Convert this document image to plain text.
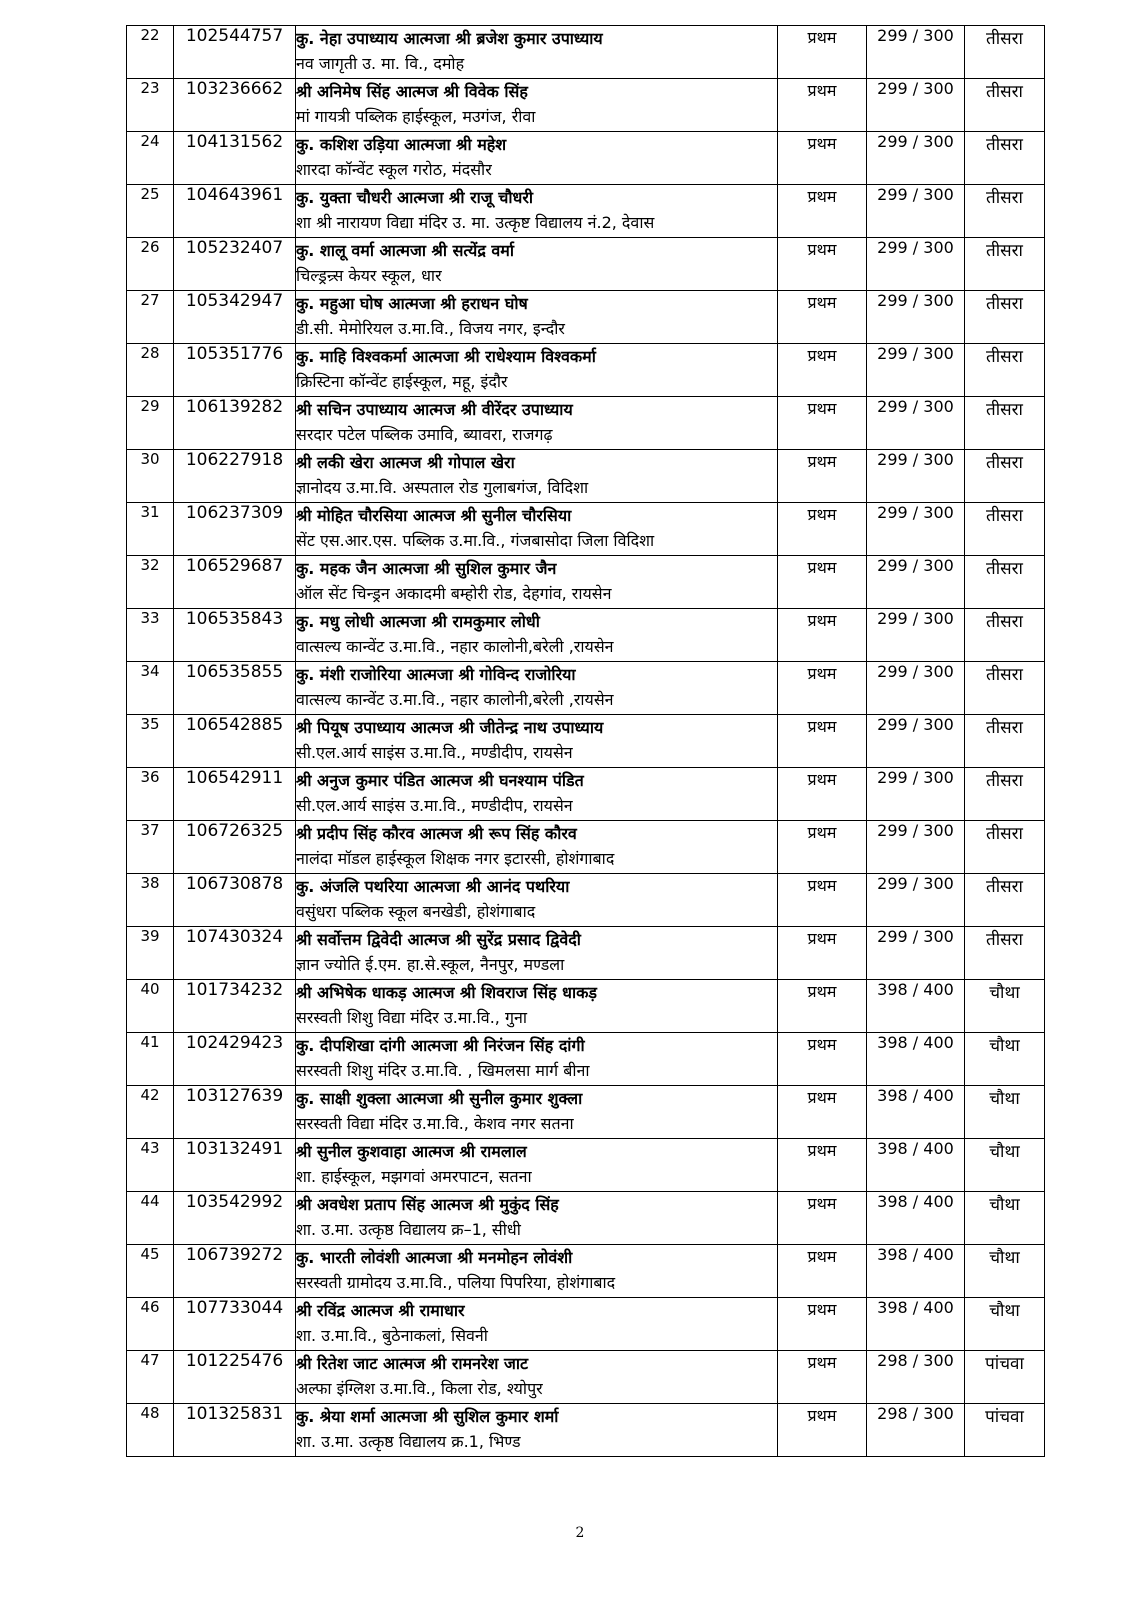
22	102544757	कु. नेहा उपाध्याय आत्मजा श्री ब्रजेश कुमार उपाध्याय
नव जागृती उ. मा. वि., दमोह	प्रथम	299 / 300	तीसरा
23	103236662	श्री अनिमेष सिंह आत्मज श्री विवेक सिंह
मां गायत्री पब्लिक हाईस्कूल, मउगंज, रीवा	प्रथम	299 / 300	तीसरा
24	104131562	कु. कशिश उड़िया आत्मजा श्री महेश
शारदा कॉन्वेंट स्कूल गरोठ, मंदसौर	प्रथम	299 / 300	तीसरा
25	104643961	कु. युक्ता चौधरी आत्मजा श्री राजू चौधरी
शा श्री नारायण विद्या मंदिर उ. मा. उत्कृष्ट विद्यालय नं.2, देवास	प्रथम	299 / 300	तीसरा
26	105232407	कु. शालू वर्मा आत्मजा श्री सत्येंद्र वर्मा
चिल्ड्रन्र्स केयर स्कूल, धार	प्रथम	299 / 300	तीसरा
27	105342947	कु. महुआ घोष आत्मजा श्री हराधन घोष
डी.सी. मेमोरियल उ.मा.वि., विजय नगर, इन्दौर	प्रथम	299 / 300	तीसरा
28	105351776	कु. माहि विश्वकर्मा आत्मजा श्री राधेश्याम विश्वकर्मा
क्रिस्टिना कॉन्वेंट हाईस्कूल, महू, इंदौर	प्रथम	299 / 300	तीसरा
29	106139282	श्री सचिन उपाध्याय आत्मज श्री वीरेंदर उपाध्याय
सरदार पटेल पब्लिक उमावि, ब्यावरा, राजगढ़	प्रथम	299 / 300	तीसरा
30	106227918	श्री लकी खेरा आत्मज श्री गोपाल खेरा
ज्ञानोदय उ.मा.वि. अस्पताल रोड गुलाबगंज, विदिशा	प्रथम	299 / 300	तीसरा
31	106237309	श्री मोहित चौरसिया आत्मज श्री सुनील चौरसिया
सेंट एस.आर.एस. पब्लिक उ.मा.वि., गंजबासोदा जिला विदिशा	प्रथम	299 / 300	तीसरा
32	106529687	कु. महक जैन आत्मजा श्री सुशिल कुमार जैन
ऑल सेंट चिन्ड्रन अकादमी बम्होरी रोड, देहगांव, रायसेन	प्रथम	299 / 300	तीसरा
33	106535843	कु. मधु लोधी आत्मजा श्री रामकुमार लोधी
वात्सल्य कान्वेंट उ.मा.वि., नहार कालोनी,बरेली ,रायसेन	प्रथम	299 / 300	तीसरा
34	106535855	कु. मंशी राजोरिया आत्मजा श्री गोविन्द राजोरिया
वात्सल्य कान्वेंट उ.मा.वि., नहार कालोनी,बरेली ,रायसेन	प्रथम	299 / 300	तीसरा
35	106542885	श्री पियूष उपाध्याय आत्मज श्री जीतेन्द्र नाथ उपाध्याय
सी.एल.आर्य साइंस उ.मा.वि., मण्डीदीप, रायसेन	प्रथम	299 / 300	तीसरा
36	106542911	श्री अनुज कुमार पंडित आत्मज श्री घनश्याम पंडित
सी.एल.आर्य साइंस उ.मा.वि., मण्डीदीप, रायसेन	प्रथम	299 / 300	तीसरा
37	106726325	श्री प्रदीप सिंह कौरव आत्मज श्री रूप सिंह कौरव
नालंदा मॉडल हाईस्कूल शिक्षक नगर इटारसी, होशंगाबाद	प्रथम	299 / 300	तीसरा
38	106730878	कु. अंजलि पथरिया आत्मजा श्री आनंद पथरिया
वसुंधरा पब्लिक स्कूल बनखेडी, होशंगाबाद	प्रथम	299 / 300	तीसरा
39	107430324	श्री सर्वोत्तम द्विवेदी आत्मज श्री सुरेंद्र प्रसाद द्विवेदी
ज्ञान ज्योति ई.एम. हा.से.स्कूल, नैनपुर, मण्डला	प्रथम	299 / 300	तीसरा
40	101734232	श्री अभिषेक धाकड़ आत्मज श्री शिवराज सिंह धाकड़
सरस्वती शिशु विद्या मंदिर उ.मा.वि., गुना	प्रथम	398 / 400	चौथा
41	102429423	कु. दीपशिखा दांगी आत्मजा श्री निरंजन सिंह दांगी
सरस्वती शिशु मंदिर उ.मा.वि. , खिमलसा मार्ग बीना	प्रथम	398 / 400	चौथा
42	103127639	कु. साक्षी शुक्ला आत्मजा श्री सुनील कुमार शुक्ला
सरस्वती विद्या मंदिर उ.मा.वि., केशव नगर सतना	प्रथम	398 / 400	चौथा
43	103132491	श्री सुनील कुशवाहा आत्मज श्री रामलाल
शा. हाईस्कूल, मझगवां अमरपाटन, सतना	प्रथम	398 / 400	चौथा
44	103542992	श्री अवधेश प्रताप सिंह आत्मज श्री मुकुंद सिंह
शा. उ.मा. उत्कृष्ठ विद्यालय क्र–1, सीधी	प्रथम	398 / 400	चौथा
45	106739272	कु. भारती लोवंशी आत्मजा श्री मनमोहन लोवंशी
सरस्वती ग्रामोदय उ.मा.वि., पलिया पिपरिया, होशंगाबाद	प्रथम	398 / 400	चौथा
46	107733044	श्री रविंद्र आत्मज श्री रामाधार
शा. उ.मा.वि., बुठेनाकलां, सिवनी	प्रथम	398 / 400	चौथा
47	101225476	श्री रितेश जाट आत्मज श्री रामनरेश जाट
अल्फा इंग्लिश उ.मा.वि., किला रोड, श्योपुर	प्रथम	298 / 300	पांचवा
48	101325831	कु. श्रेया शर्मा आत्मजा श्री सुशिल कुमार शर्मा
शा. उ.मा. उत्कृष्ठ विद्यालय क्र.1, भिण्ड	प्रथम	298 / 300	पांचवा
2
